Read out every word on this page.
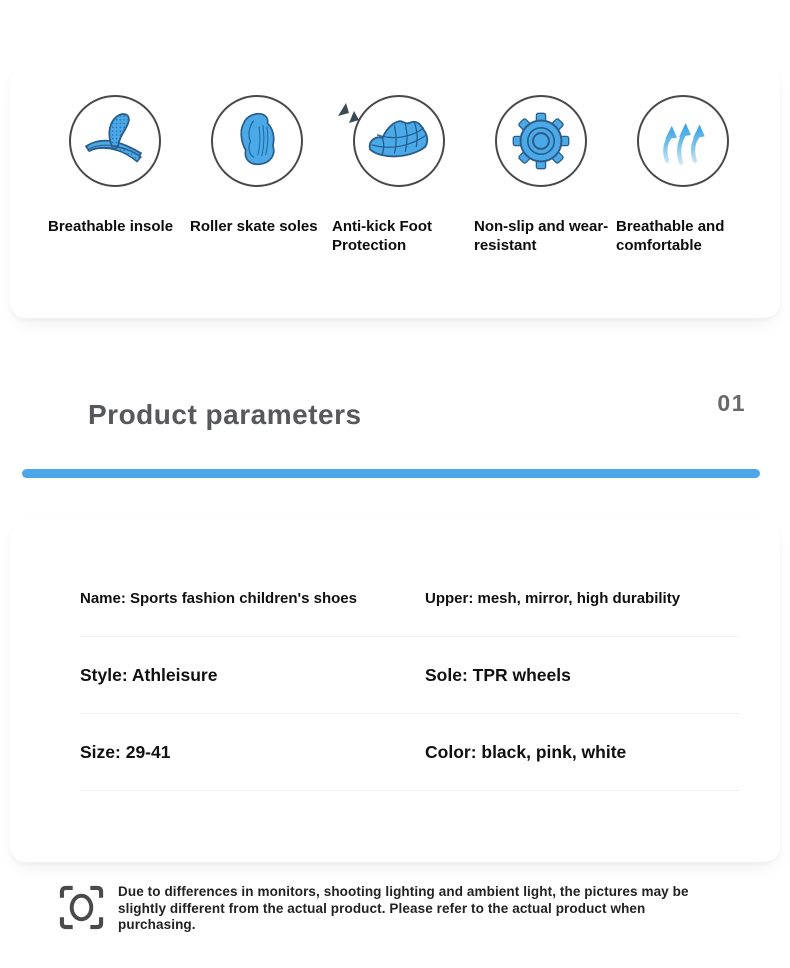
Breathable insole	Roller skate soles Anti-kick Foot Protection
Non-slip and wear-resistant
Breathable and comfortable
Product parameters	01
Name: Sports fashion children's shoes	Upper: mesh, mirror, high durability
Style: Athleisure	Sole: TPR wheels
Size: 29-41	Color: black, pink, white

Due to differences in monitors, shooting lighting and ambient light, the pictures may be slightly different from the actual product. Please refer to the actual product when purchasing.
